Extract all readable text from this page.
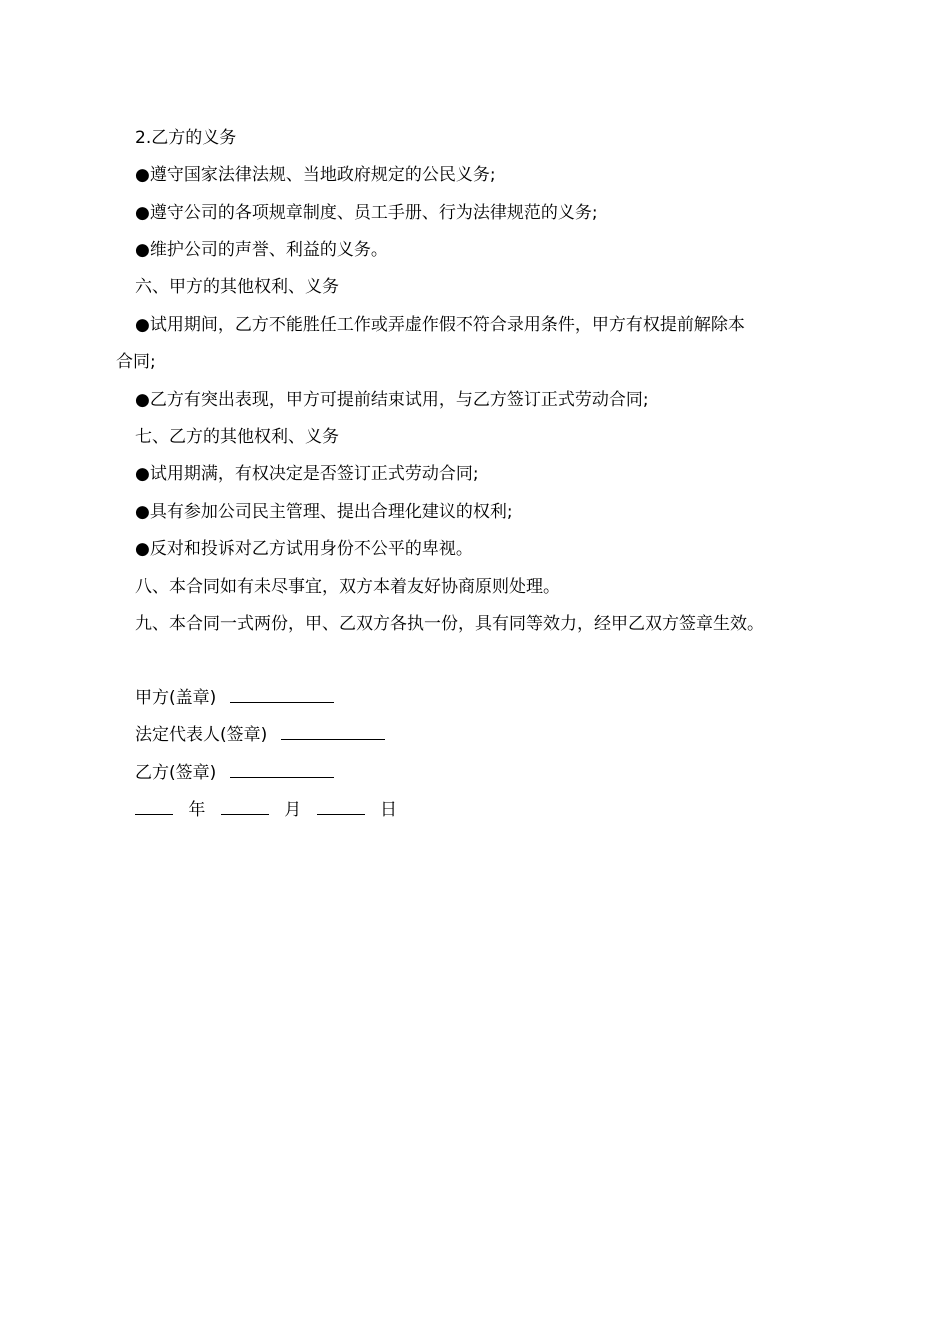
2.乙方的义务
●遵守国家法律法规、当地政府规定的公民义务;
●遵守公司的各项规章制度、员工手册、行为法律规范的义务;
●维护公司的声誉、利益的义务。
六、甲方的其他权利、义务
●试用期间，乙方不能胜任工作或弄虚作假不符合录用条件，甲方有权提前解除本
合同;
●乙方有突出表现，甲方可提前结束试用，与乙方签订正式劳动合同;
七、乙方的其他权利、义务
●试用期满，有权决定是否签订正式劳动合同;
●具有参加公司民主管理、提出合理化建议的权利;
●反对和投诉对乙方试用身份不公平的卑视。
八、本合同如有未尽事宜，双方本着友好协商原则处理。
九、本合同一式两份，甲、乙双方各执一份，具有同等效力，经甲乙双方签章生效。
甲方(盖章)
法定代表人(签章)
乙方(签章)
年	月	日
